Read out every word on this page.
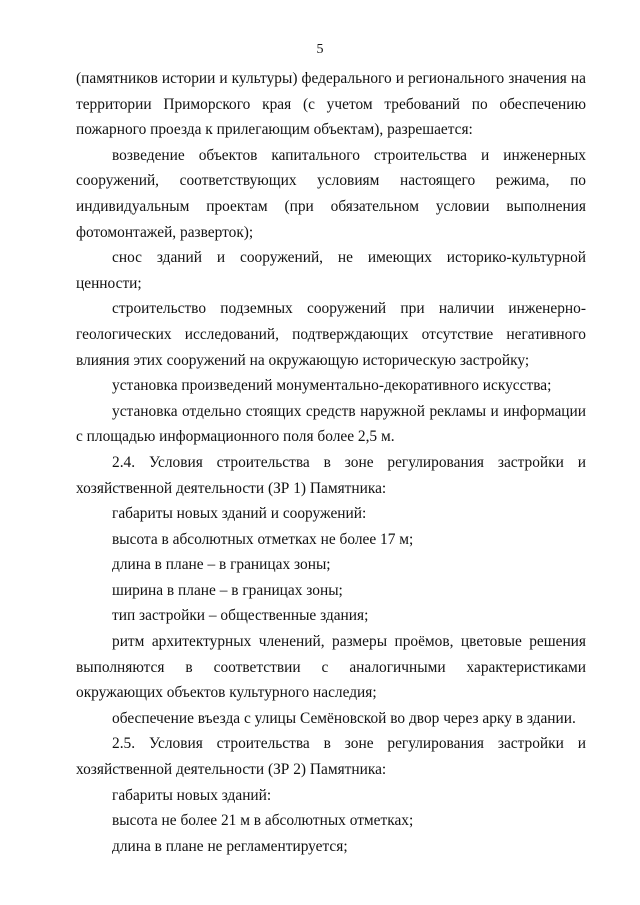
5

(памятников истории и культуры) федерального и регионального значения на территории Приморского края (с учетом требований по обеспечению пожарного проезда к прилегающим объектам), разрешается:

возведение объектов капитального строительства и инженерных сооружений, соответствующих условиям настоящего режима, по индивидуальным проектам (при обязательном условии выполнения фотомонтажей, разверток);

снос зданий и сооружений, не имеющих историко-культурной ценности;

строительство подземных сооружений при наличии инженерно-геологических исследований, подтверждающих отсутствие негативного влияния этих сооружений на окружающую историческую застройку;

установка произведений монументально-декоративного искусства;

установка отдельно стоящих средств наружной рекламы и информации с площадью информационного поля более 2,5 м.

2.4. Условия строительства в зоне регулирования застройки и хозяйственной деятельности (ЗР 1) Памятника:

габариты новых зданий и сооружений:

высота в абсолютных отметках не более 17 м;

длина в плане – в границах зоны;

ширина в плане – в границах зоны;

тип застройки – общественные здания;

ритм архитектурных членений, размеры проёмов, цветовые решения выполняются в соответствии с аналогичными характеристиками окружающих объектов культурного наследия;

обеспечение въезда с улицы Семёновской во двор через арку в здании.

2.5. Условия строительства в зоне регулирования застройки и хозяйственной деятельности (ЗР 2) Памятника:

габариты новых зданий:

высота не более 21 м в абсолютных отметках;

длина в плане не регламентируется;
